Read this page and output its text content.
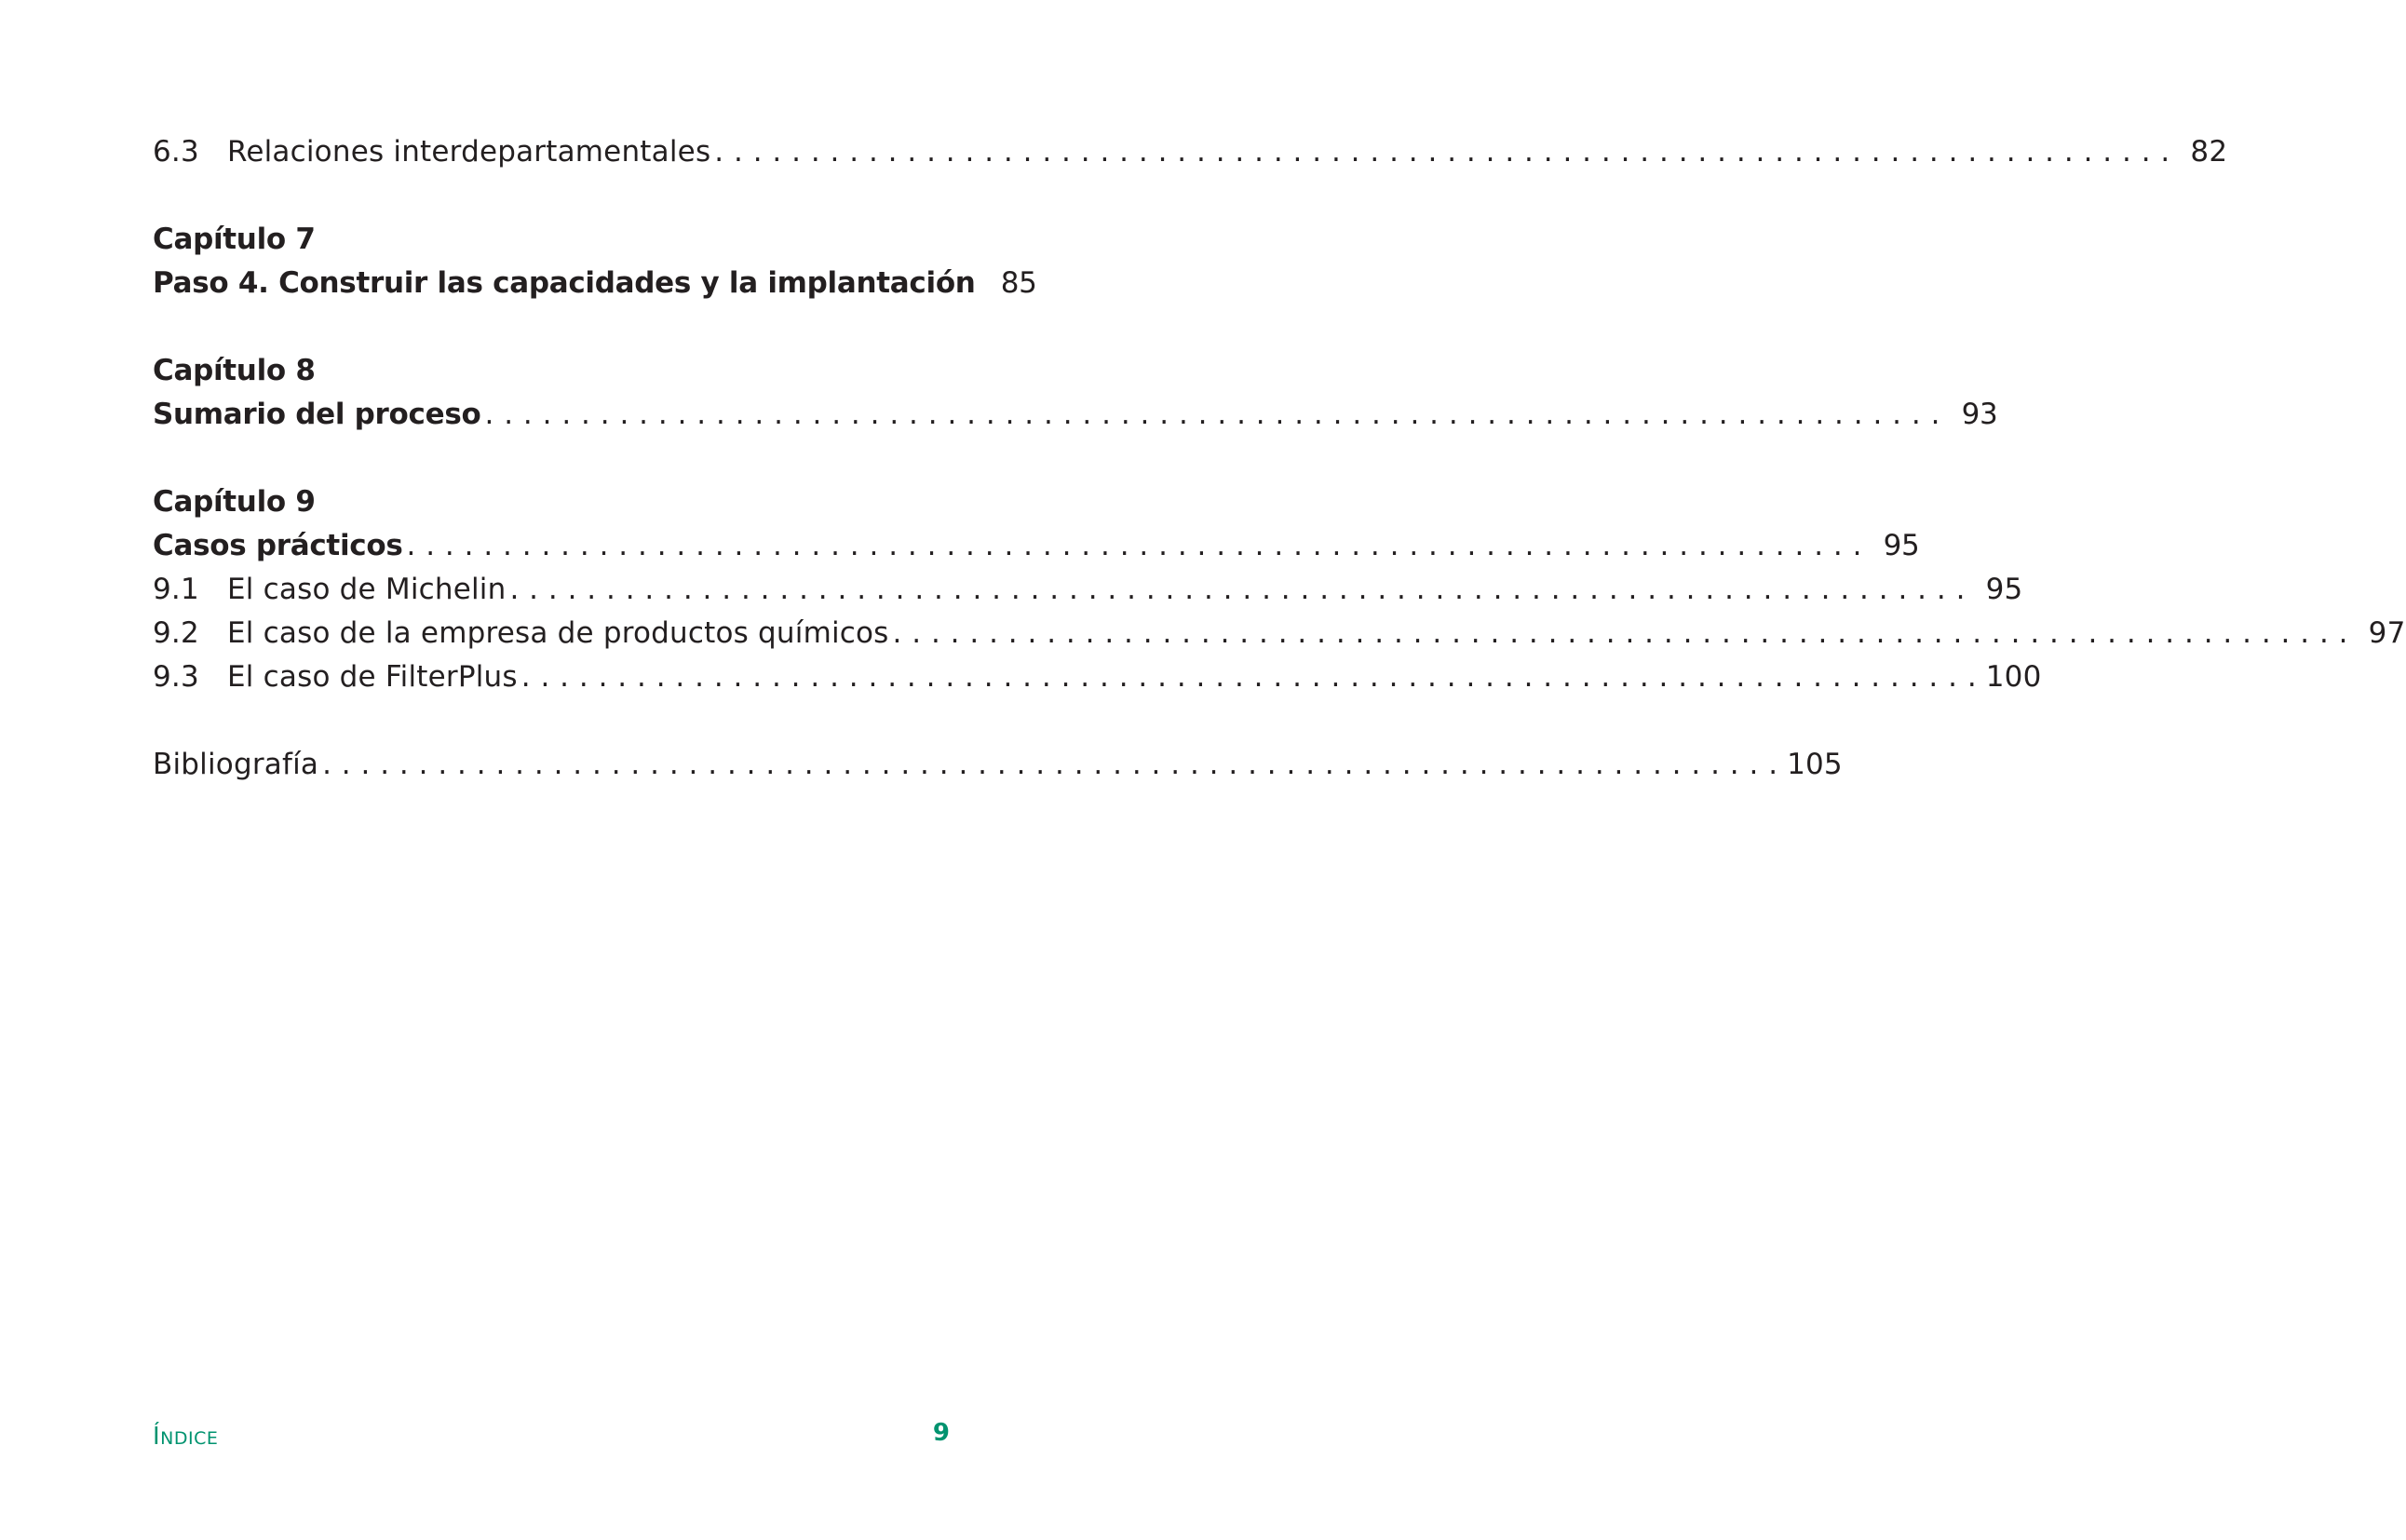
6.3 Relaciones interdepartamentales . . .	82
Capítulo 7
Paso 4. Construir las capacidades y la implantación 85
Capítulo 8
Sumario del proceso . . .	93
Capítulo 9
Casos prácticos . . .	95
9.1 El caso de Michelin . . .	95
9.2 El caso de la empresa de productos químicos . . .	97
9.3 El caso de FilterPlus . . .	100
Bibliografía . . .	105
ÍNDICE	9
